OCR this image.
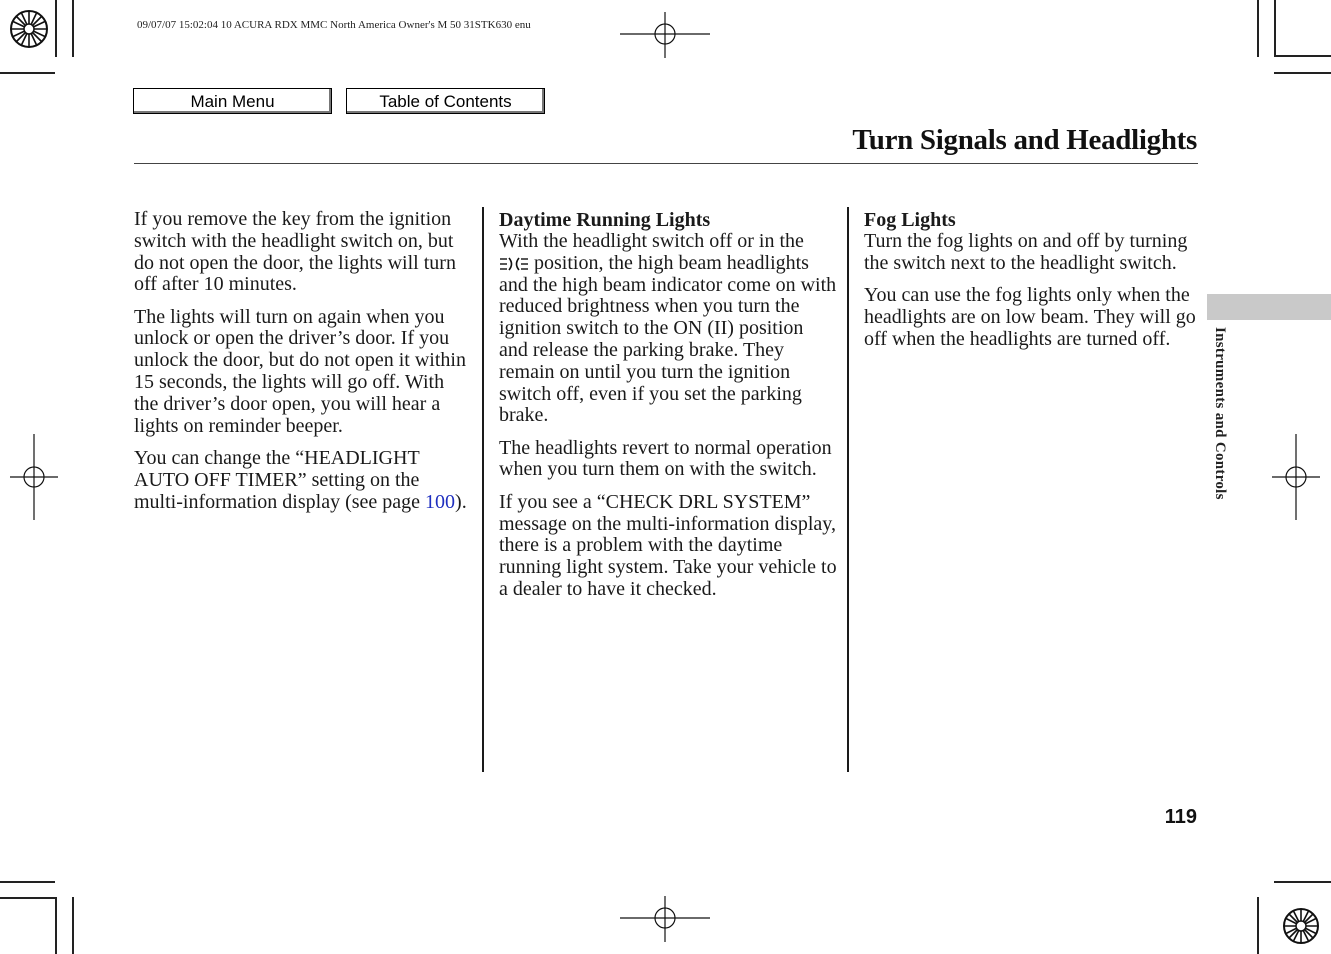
09/07/07 15:02:04 10 ACURA RDX MMC North America Owner's M 50 31STK630 enu
Main Menu	Table of Contents
Turn Signals and Headlights

If you remove the key from the ignition switch with the headlight switch on, but do not open the door, the lights will turn off after 10 minutes.

The lights will turn on again when you unlock or open the driver’s door. If you unlock the door, but do not open it within 15 seconds, the lights will go off. With the driver’s door open, you will hear a lights on reminder beeper.

You can change the “HEADLIGHT AUTO OFF TIMER” setting on the multi-information display (see page 100).

Daytime Running Lights

With the headlight switch off or in the  position, the high beam headlights and the high beam indicator come on with reduced brightness when you turn the ignition switch to the ON (II) position and release the parking brake. They remain on until you turn the ignition switch off, even if you set the parking brake.

The headlights revert to normal operation when you turn them on with the switch.

If you see a “CHECK DRL SYSTEM” message on the multi-information display, there is a problem with the daytime running light system. Take your vehicle to a dealer to have it checked.

Fog Lights

Turn the fog lights on and off by turning the switch next to the headlight switch.

You can use the fog lights only when the headlights are on low beam. They will go off when the headlights are turned off.	Instruments and Controls
119
